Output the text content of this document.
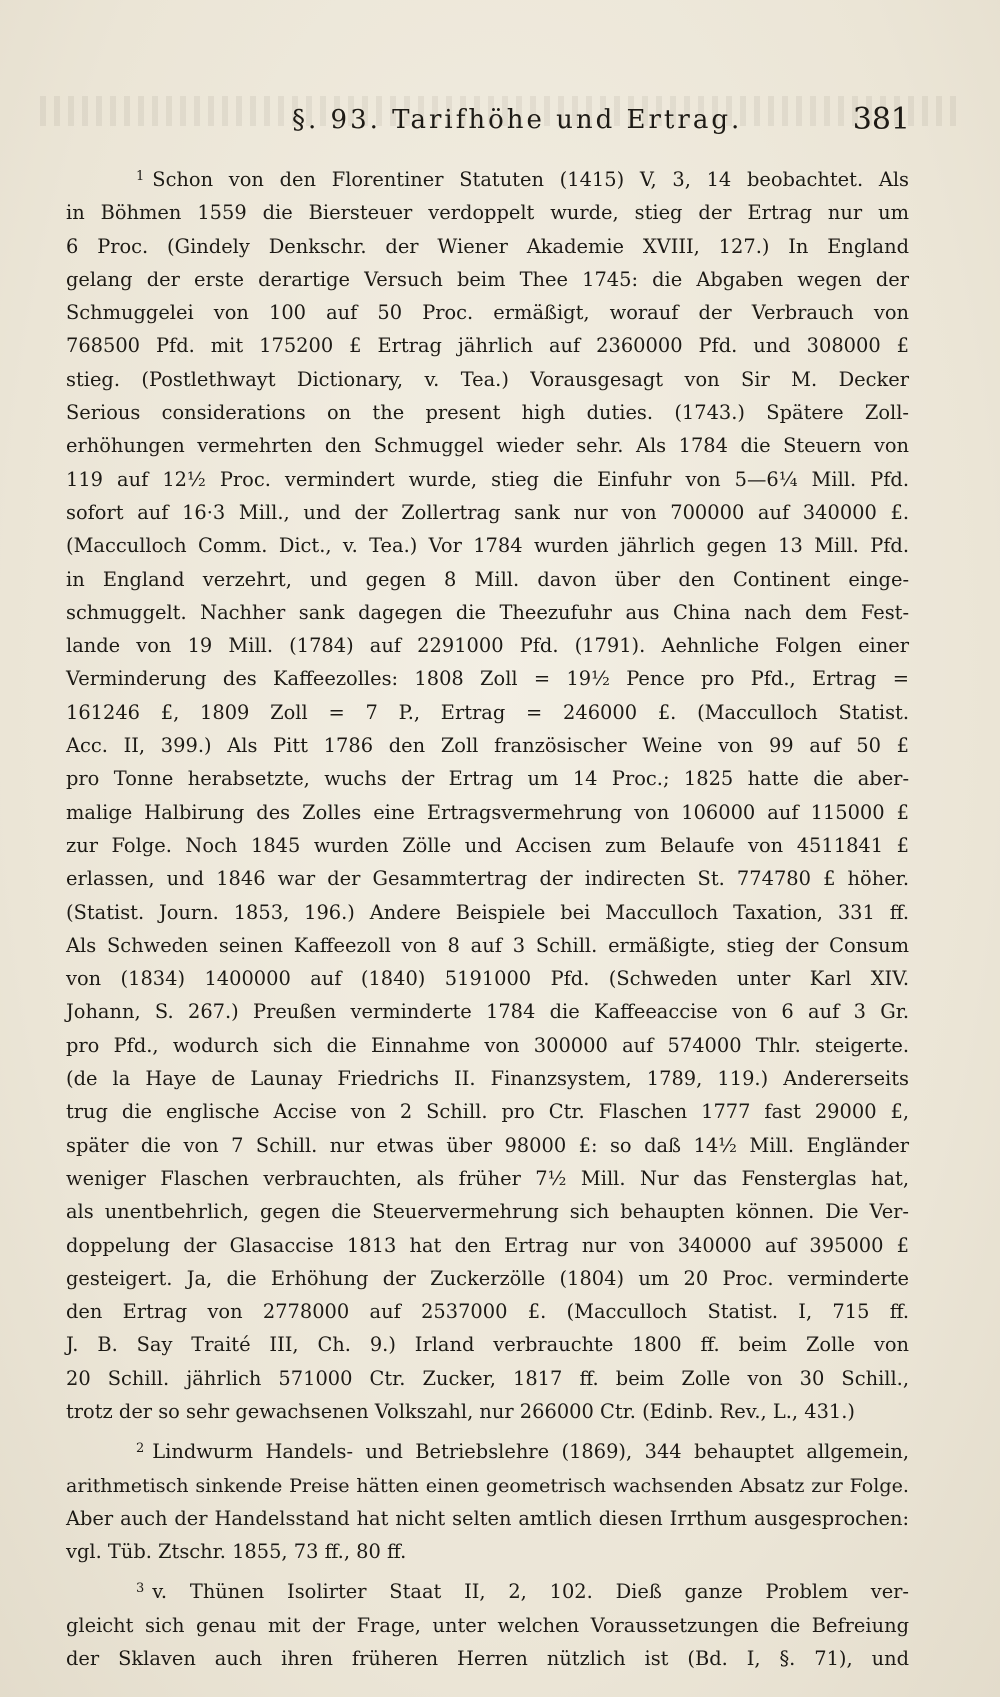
§. 93. Tarifhöhe und Ertrag.	381
$^1$ Schon von den Florentiner Statuten (1415) V, 3, 14 beobachtet. Als
in Böhmen 1559 die Biersteuer verdoppelt wurde, stieg der Ertrag nur um
6 Proc. (Gindely Denkschr. der Wiener Akademie XVIII, 127.) In England
gelang der erste derartige Versuch beim Thee 1745: die Abgaben wegen der
Schmuggelei von 100 auf 50 Proc. ermäßigt, worauf der Verbrauch von
768500 Pfd. mit 175200 £ Ertrag jährlich auf 2360000 Pfd. und 308000 £
stieg. (Postlethwayt Dictionary, v. Tea.) Vorausgesagt von Sir M. Decker
Serious considerations on the present high duties. (1743.) Spätere Zoll-
erhöhungen vermehrten den Schmuggel wieder sehr. Als 1784 die Steuern von
119 auf 12½ Proc. vermindert wurde, stieg die Einfuhr von 5—6¼ Mill. Pfd.
sofort auf 16·3 Mill., und der Zollertrag sank nur von 700000 auf 340000 £.
(Macculloch Comm. Dict., v. Tea.) Vor 1784 wurden jährlich gegen 13 Mill. Pfd.
in England verzehrt, und gegen 8 Mill. davon über den Continent einge-
schmuggelt. Nachher sank dagegen die Theezufuhr aus China nach dem Fest-
lande von 19 Mill. (1784) auf 2291000 Pfd. (1791). Aehnliche Folgen einer
Verminderung des Kaffeezolles: 1808 Zoll = 19½ Pence pro Pfd., Ertrag =
161246 £, 1809 Zoll = 7 P., Ertrag = 246000 £. (Macculloch Statist.
Acc. II, 399.) Als Pitt 1786 den Zoll französischer Weine von 99 auf 50 £
pro Tonne herabsetzte, wuchs der Ertrag um 14 Proc.; 1825 hatte die aber-
malige Halbirung des Zolles eine Ertragsvermehrung von 106000 auf 115000 £
zur Folge. Noch 1845 wurden Zölle und Accisen zum Belaufe von 4511841 £
erlassen, und 1846 war der Gesammtertrag der indirecten St. 774780 £ höher.
(Statist. Journ. 1853, 196.) Andere Beispiele bei Macculloch Taxation, 331 ff.
Als Schweden seinen Kaffeezoll von 8 auf 3 Schill. ermäßigte, stieg der Consum
von (1834) 1400000 auf (1840) 5191000 Pfd. (Schweden unter Karl XIV.
Johann, S. 267.) Preußen verminderte 1784 die Kaffeeaccise von 6 auf 3 Gr.
pro Pfd., wodurch sich die Einnahme von 300000 auf 574000 Thlr. steigerte.
(de la Haye de Launay Friedrichs II. Finanzsystem, 1789, 119.) Andererseits
trug die englische Accise von 2 Schill. pro Ctr. Flaschen 1777 fast 29000 £,
später die von 7 Schill. nur etwas über 98000 £: so daß 14½ Mill. Engländer
weniger Flaschen verbrauchten, als früher 7½ Mill. Nur das Fensterglas hat,
als unentbehrlich, gegen die Steuervermehrung sich behaupten können. Die Ver-
doppelung der Glasaccise 1813 hat den Ertrag nur von 340000 auf 395000 £
gesteigert. Ja, die Erhöhung der Zuckerzölle (1804) um 20 Proc. verminderte
den Ertrag von 2778000 auf 2537000 £. (Macculloch Statist. I, 715 ff.
J. B. Say Traité III, Ch. 9.) Irland verbrauchte 1800 ff. beim Zolle von
20 Schill. jährlich 571000 Ctr. Zucker, 1817 ff. beim Zolle von 30 Schill.,
trotz der so sehr gewachsenen Volkszahl, nur 266000 Ctr. (Edinb. Rev., L., 431.)
$^2$ Lindwurm Handels- und Betriebslehre (1869), 344 behauptet allgemein,
arithmetisch sinkende Preise hätten einen geometrisch wachsenden Absatz zur Folge.
Aber auch der Handelsstand hat nicht selten amtlich diesen Irrthum ausgesprochen:
vgl. Tüb. Ztschr. 1855, 73 ff., 80 ff.
$^3$ v. Thünen Isolirter Staat II, 2, 102. Dieß ganze Problem ver-
gleicht sich genau mit der Frage, unter welchen Voraussetzungen die Befreiung
der Sklaven auch ihren früheren Herren nützlich ist (Bd. I, §. 71), und
